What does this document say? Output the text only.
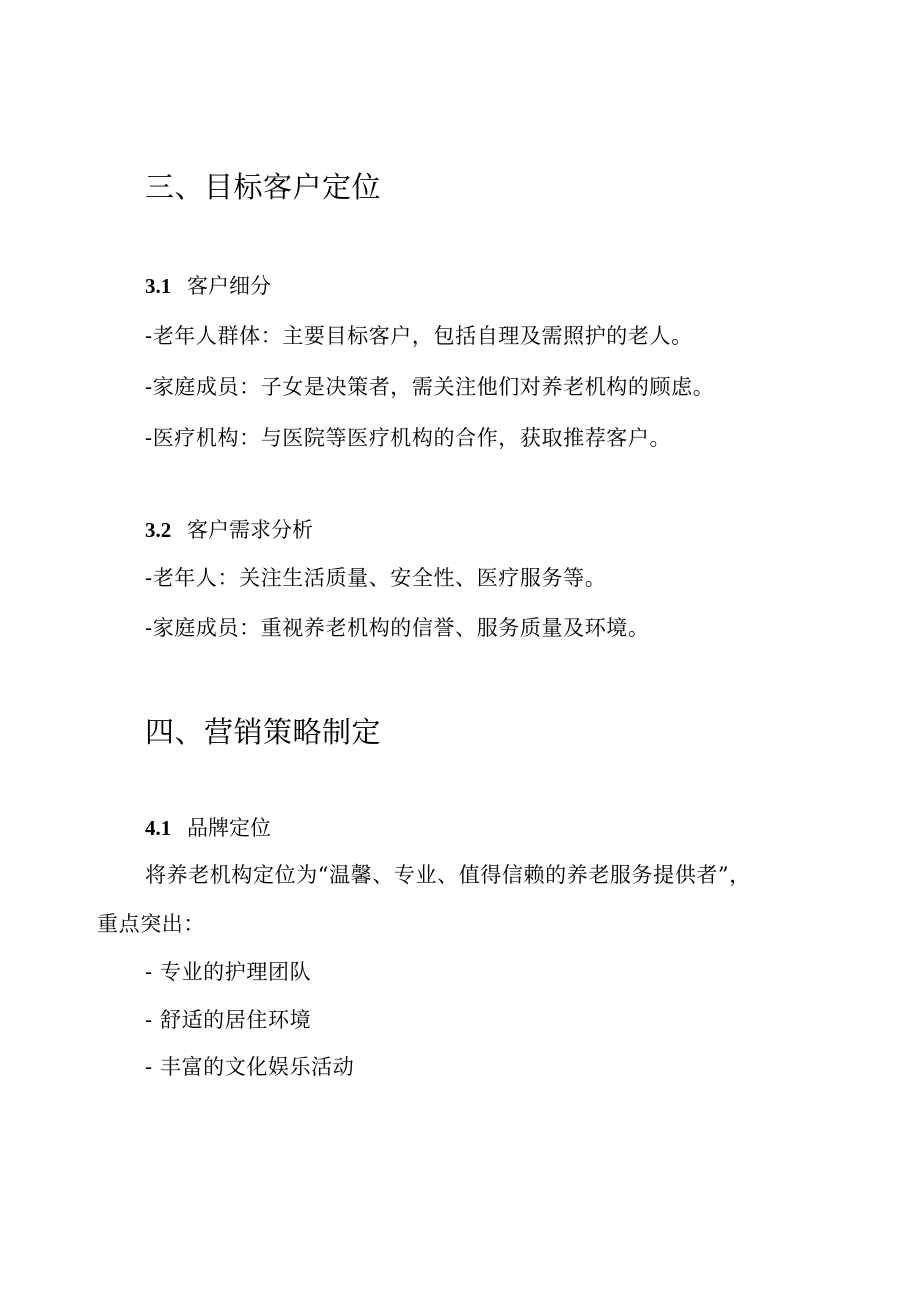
三、目标客户定位
3.1 客户细分
-老年人群体：主要目标客户，包括自理及需照护的老人。
-家庭成员：子女是决策者，需关注他们对养老机构的顾虑。
-医疗机构：与医院等医疗机构的合作，获取推荐客户。
3.2 客户需求分析
-老年人：关注生活质量、安全性、医疗服务等。
-家庭成员：重视养老机构的信誉、服务质量及环境。
四、营销策略制定
4.1 品牌定位
将养老机构定位为“温馨、专业、值得信赖的养老服务提供者”，
重点突出：
- 专业的护理团队
- 舒适的居住环境
- 丰富的文化娱乐活动
